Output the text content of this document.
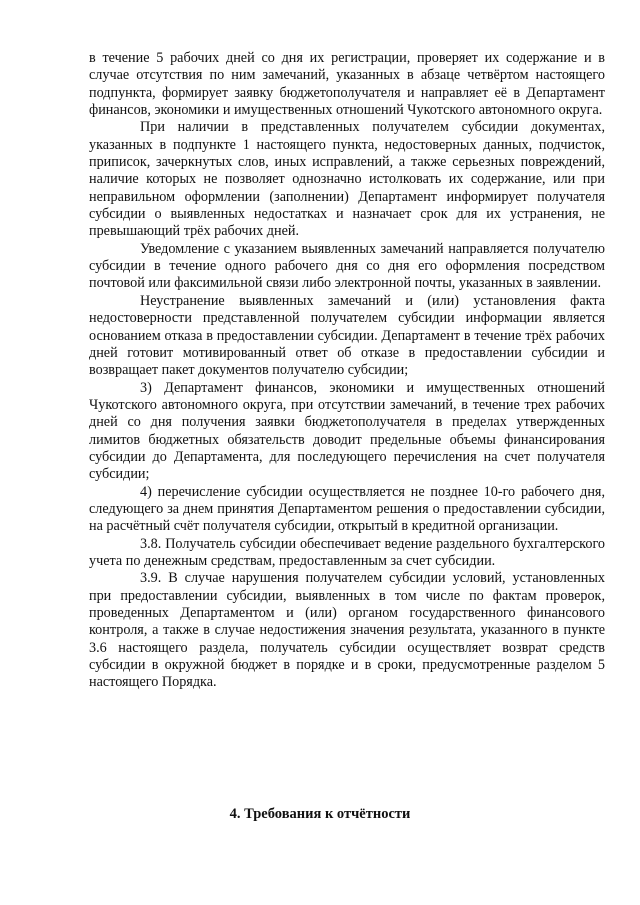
в течение 5 рабочих дней со дня их регистрации, проверяет их содержание и в случае отсутствия по ним замечаний, указанных в абзаце четвёртом настоящего подпункта, формирует заявку бюджетополучателя и направляет её в Департамент финансов, экономики и имущественных отношений Чукотского автономного округа.

При наличии в представленных получателем субсидии документах, указанных в подпункте 1 настоящего пункта, недостоверных данных, подчисток, приписок, зачеркнутых слов, иных исправлений, а также серьезных повреждений, наличие которых не позволяет однозначно истолковать их содержание, или при неправильном оформлении (заполнении) Департамент информирует получателя субсидии о выявленных недостатках и назначает срок для их устранения, не превышающий трёх рабочих дней.

Уведомление с указанием выявленных замечаний направляется получателю субсидии в течение одного рабочего дня со дня его оформления посредством почтовой или факсимильной связи либо электронной почты, указанных в заявлении.

Неустранение выявленных замечаний и (или) установления факта недостоверности представленной получателем субсидии информации является основанием отказа в предоставлении субсидии. Департамент в течение трёх рабочих дней готовит мотивированный ответ об отказе в предоставлении субсидии и возвращает пакет документов получателю субсидии;

3) Департамент финансов, экономики и имущественных отношений Чукотского автономного округа, при отсутствии замечаний, в течение трех рабочих дней со дня получения заявки бюджетополучателя в пределах утвержденных лимитов бюджетных обязательств доводит предельные объемы финансирования субсидии до Департамента, для последующего перечисления на счет получателя субсидии;

4) перечисление субсидии осуществляется не позднее 10-го рабочего дня, следующего за днем принятия Департаментом решения о предоставлении субсидии, на расчётный счёт получателя субсидии, открытый в кредитной организации.

3.8. Получатель субсидии обеспечивает ведение раздельного бухгалтерского учета по денежным средствам, предоставленным за счет субсидии.

3.9. В случае нарушения получателем субсидии условий, установленных при предоставлении субсидии, выявленных в том числе по фактам проверок, проведенных Департаментом и (или) органом государственного финансового контроля, а также в случае недостижения значения результата, указанного в пункте 3.6 настоящего раздела, получатель субсидии осуществляет возврат средств субсидии в окружной бюджет в порядке и в сроки, предусмотренные разделом 5 настоящего Порядка.

4. Требования к отчётности
